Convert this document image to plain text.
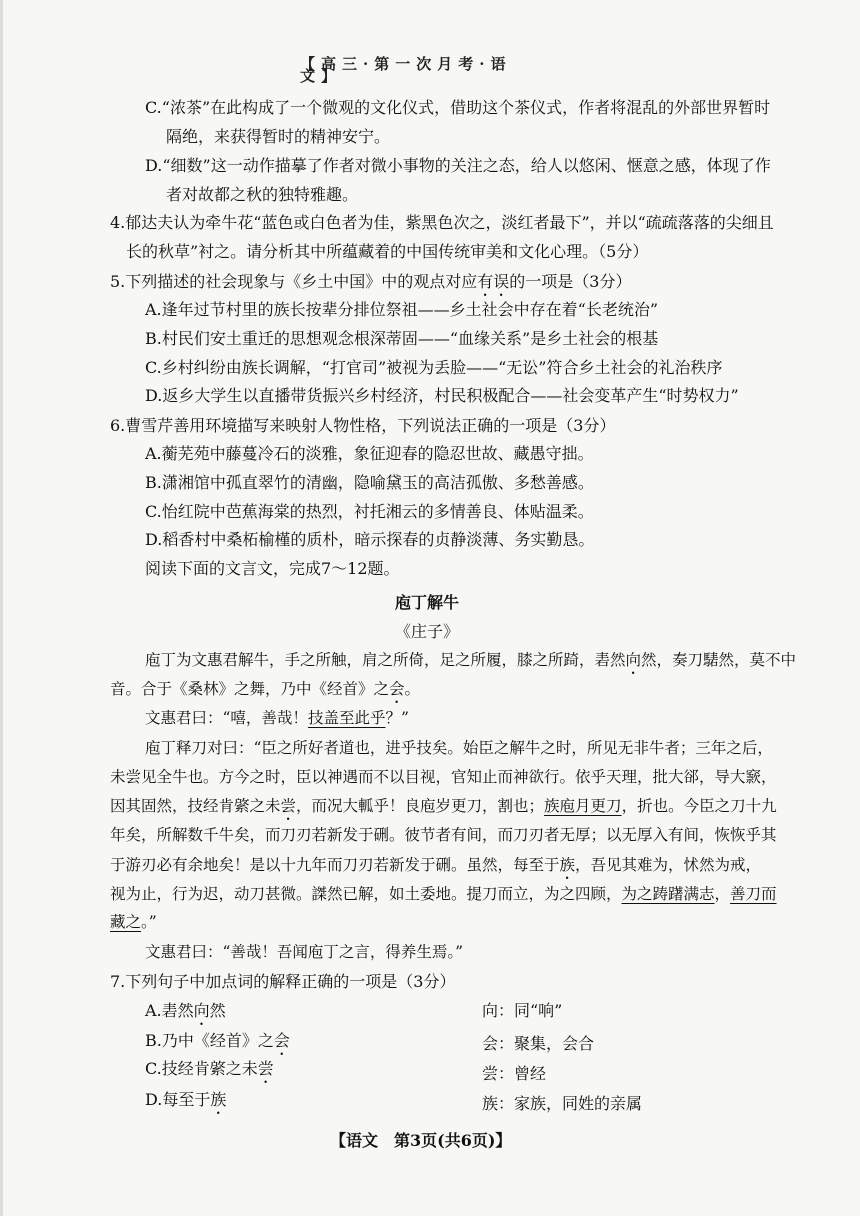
【高三·第一次月考·语文】
C.“浓茶”在此构成了一个微观的文化仪式，借助这个茶仪式，作者将混乱的外部世界暂时
隔绝，来获得暂时的精神安宁。
D.“细数”这一动作描摹了作者对微小事物的关注之态，给人以悠闲、惬意之感，体现了作
者对故都之秋的独特雅趣。
4.郁达夫认为牵牛花“蓝色或白色者为佳，紫黑色次之，淡红者最下”，并以“疏疏落落的尖细且
长的秋草”衬之。请分析其中所蕴藏着的中国传统审美和文化心理。（5分）
5.下列描述的社会现象与《乡土中国》中的观点对应有误的一项是（3分）
A.逢年过节村里的族长按辈分排位祭祖——乡土社会中存在着“长老统治”
B.村民们安土重迁的思想观念根深蒂固——“血缘关系”是乡土社会的根基
C.乡村纠纷由族长调解，“打官司”被视为丢脸——“无讼”符合乡土社会的礼治秩序
D.返乡大学生以直播带货振兴乡村经济，村民积极配合——社会变革产生“时势权力”
6.曹雪芹善用环境描写来映射人物性格，下列说法正确的一项是（3分）
A.蘅芜苑中藤蔓冷石的淡雅，象征迎春的隐忍世故、藏愚守拙。
B.潇湘馆中孤直翠竹的清幽，隐喻黛玉的高洁孤傲、多愁善感。
C.怡红院中芭蕉海棠的热烈，衬托湘云的多情善良、体贴温柔。
D.稻香村中桑柘榆槿的质朴，暗示探春的贞静淡薄、务实勤恳。
阅读下面的文言文，完成7～12题。
庖丁解牛
《庄子》
庖丁为文惠君解牛，手之所触，肩之所倚，足之所履，膝之所踦，砉然向然，奏刀騞然，莫不中
音。合于《桑林》之舞，乃中《经首》之会。
文惠君曰：“嘻，善哉！技盖至此乎？”
庖丁释刀对曰：“臣之所好者道也，进乎技矣。始臣之解牛之时，所见无非牛者；三年之后，
未尝见全牛也。方今之时，臣以神遇而不以目视，官知止而神欲行。依乎天理，批大郤，导大窾，
因其固然，技经肯綮之未尝，而况大軱乎！良庖岁更刀，割也；族庖月更刀，折也。今臣之刀十九
年矣，所解数千牛矣，而刀刃若新发于硎。彼节者有间，而刀刃者无厚；以无厚入有间，恢恢乎其
于游刃必有余地矣！是以十九年而刀刃若新发于硎。虽然，每至于族，吾见其难为，怵然为戒，
视为止，行为迟，动刀甚微。謋然已解，如土委地。提刀而立，为之四顾，为之踌躇满志，善刀而
藏之。”
文惠君曰：“善哉！吾闻庖丁之言，得养生焉。”
7.下列句子中加点词的解释正确的一项是（3分）
A.砉然向然	向：同“响”
B.乃中《经首》之会	会：聚集，会合
C.技经肯綮之未尝	尝：曾经
D.每至于族	族：家族，同姓的亲属
【语文　第3页(共6页)】
